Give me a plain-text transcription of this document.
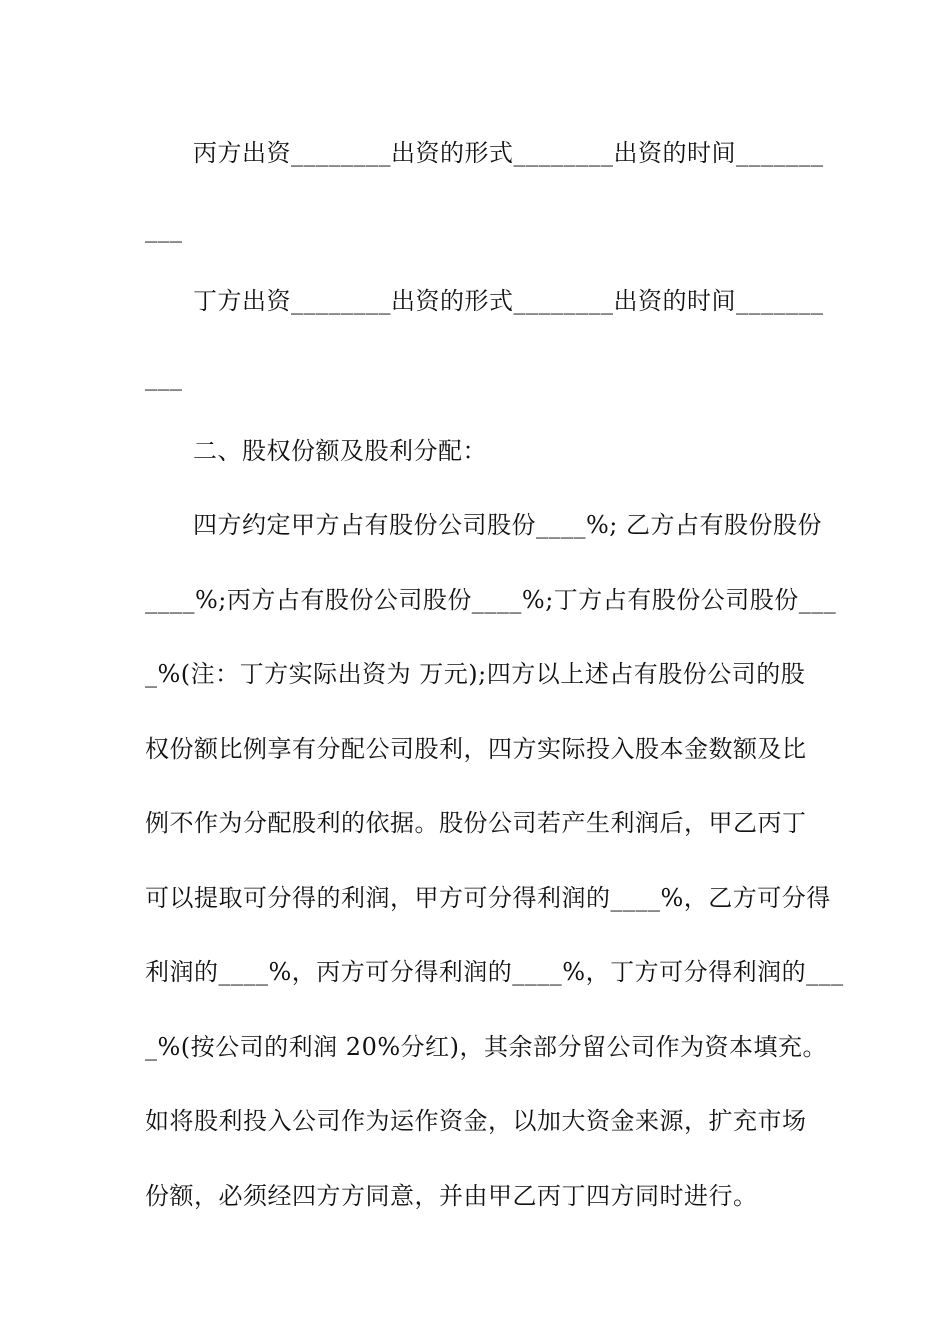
丙方出资________出资的形式________出资的时间_______
___
丁方出资________出资的形式________出资的时间_______
___
二、股权份额及股利分配：
四方约定甲方占有股份公司股份____%; 乙方占有股份股份
____%;丙方占有股份公司股份____%;丁方占有股份公司股份___
_%(注：丁方实际出资为 万元);四方以上述占有股份公司的股
权份额比例享有分配公司股利，四方实际投入股本金数额及比
例不作为分配股利的依据。股份公司若产生利润后，甲乙丙丁
可以提取可分得的利润，甲方可分得利润的____%，乙方可分得
利润的____%，丙方可分得利润的____%，丁方可分得利润的___
_%(按公司的利润 20%分红)，其余部分留公司作为资本填充。
如将股利投入公司作为运作资金，以加大资金来源，扩充市场
份额，必须经四方方同意，并由甲乙丙丁四方同时进行。
